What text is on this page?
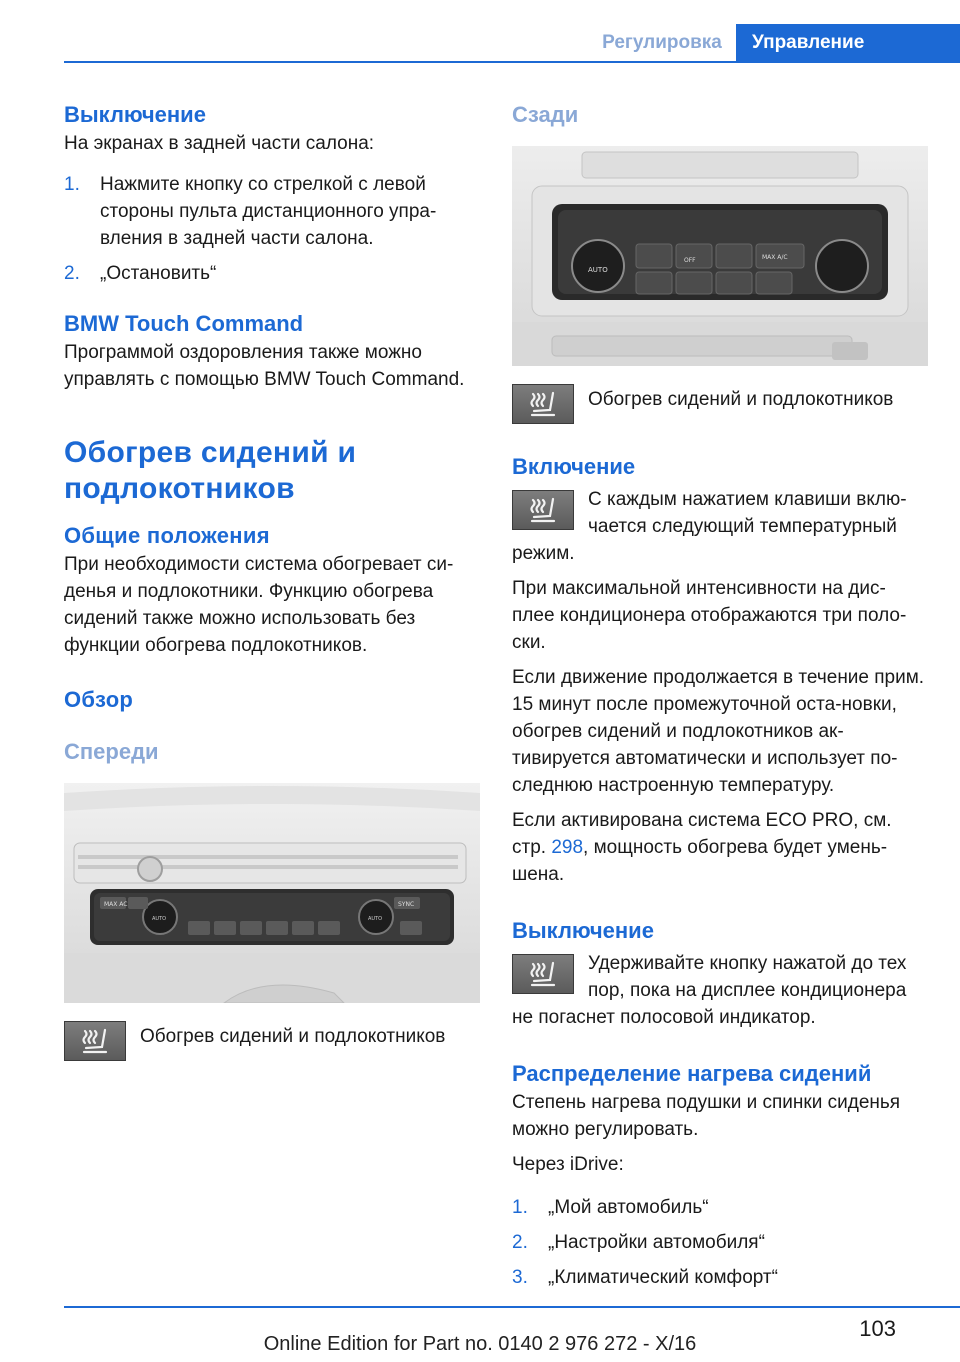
Регулировка	Управление
Выключение

На экранах в задней части салона:

1. Нажмите кнопку со стрелкой с левой стороны пульта дистанционного упра-вления в задней части салона.
2. „Остановить“
BMW Touch Command

Программой оздоровления также можно управлять с помощью BMW Touch Command.

Обогрев сидений и подлокотников
Общие положения

При необходимости система обогревает си-денья и подлокотники. Функцию обогрева сидений также можно использовать без функции обогрева подлокотников.

Обзор
Спереди
MAX AC	SYNC
AUTO	AUTO

Обогрев сидений и подлокотников

Сзади
AUTO
OFF	MAX A/C

Обогрев сидений и подлокотников

Включение

С каждым нажатием клавиши вклю-чается следующий температурный режим.

При максимальной интенсивности на дис-плее кондиционера отображаются три поло-ски.

Если движение продолжается в течение прим. 15 минут после промежуточной оста-новки, обогрев сидений и подлокотников ак-тивируется автоматически и использует по-следнюю настроенную температуру.

Если активирована система ECO PRO, см. стр. 298, мощность обогрева будет умень-шена.

Выключение

Удерживайте кнопку нажатой до тех пор, пока на дисплее кондиционера не погаснет полосовой индикатор.

Распределение нагрева сидений

Степень нагрева подушки и спинки сиденья можно регулировать.

Через iDrive:

1. „Мой автомобиль“
2. „Настройки автомобиля“
3. „Климатический комфорт“
103
Online Edition for Part no. 0140 2 976 272 - X/16
